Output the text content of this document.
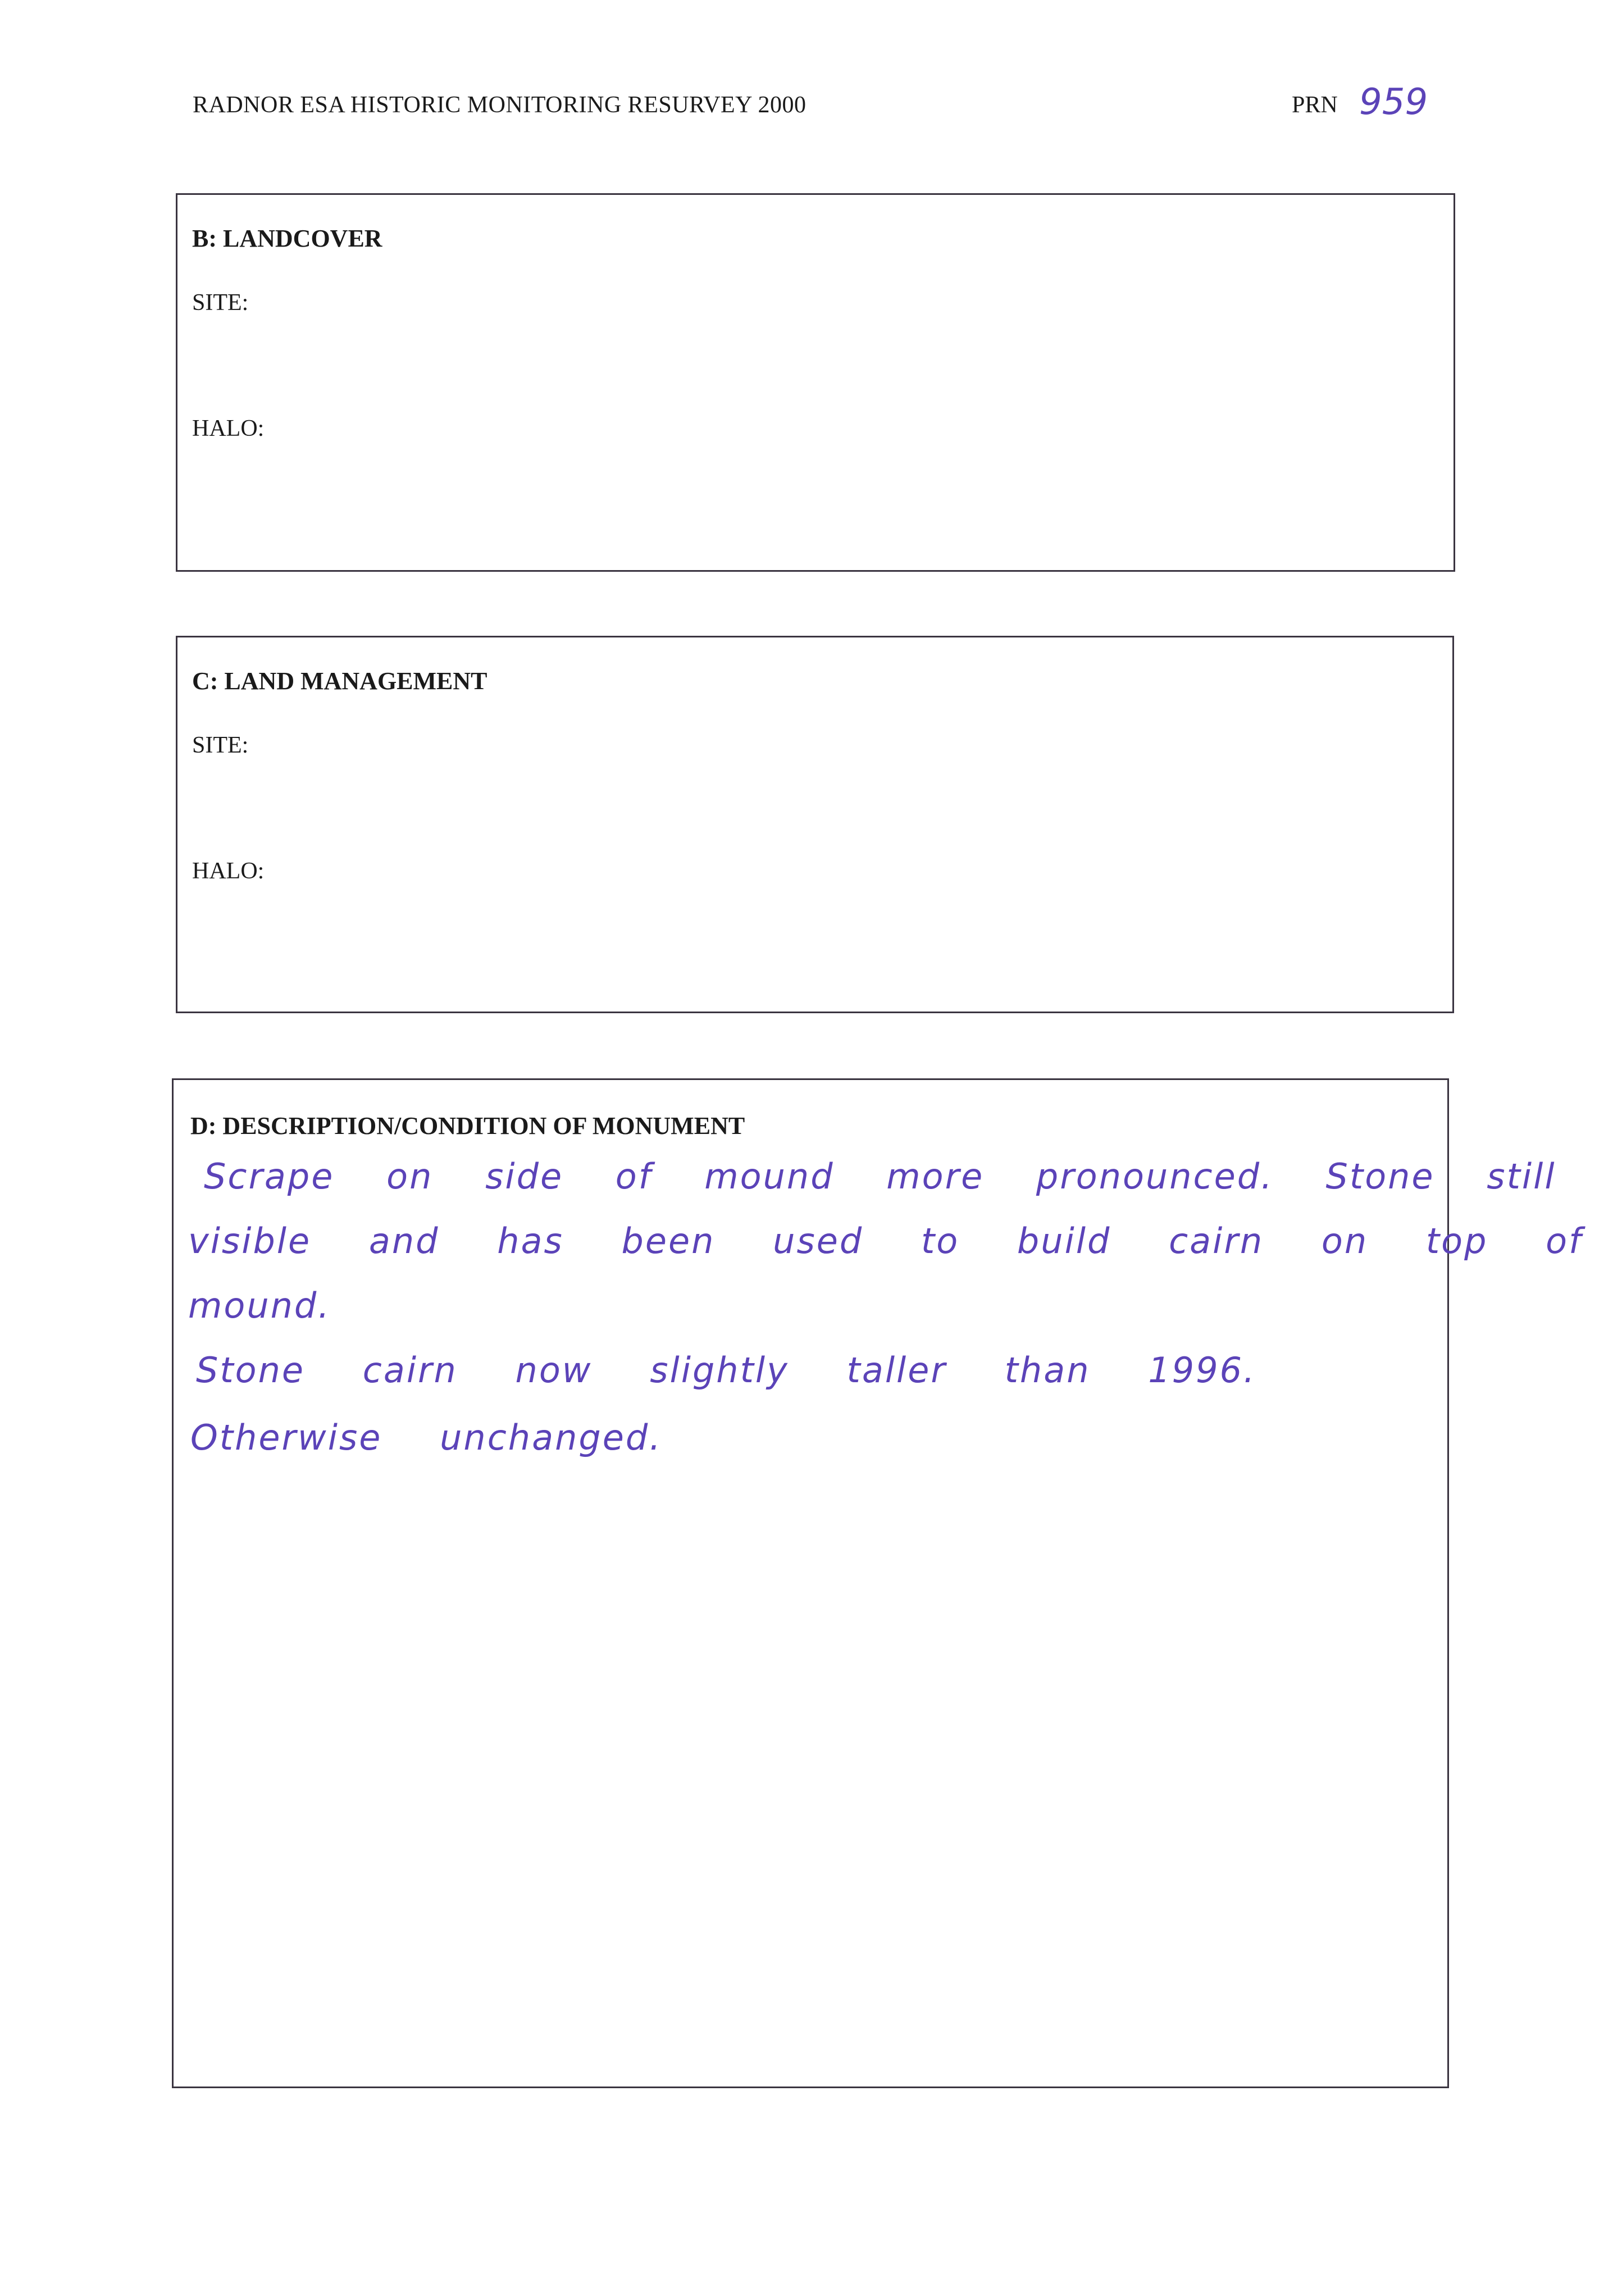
RADNOR ESA HISTORIC MONITORING RESURVEY 2000	PRN 959
B: LANDCOVER
SITE:
HALO:
C: LAND MANAGEMENT
SITE:
HALO:
D: DESCRIPTION/CONDITION OF MONUMENT
Scrape on side of mound more pronounced. Stone still
visible and has been used to build cairn on top of
mound.
Stone cairn now slightly taller than 1996.
Otherwise unchanged.
